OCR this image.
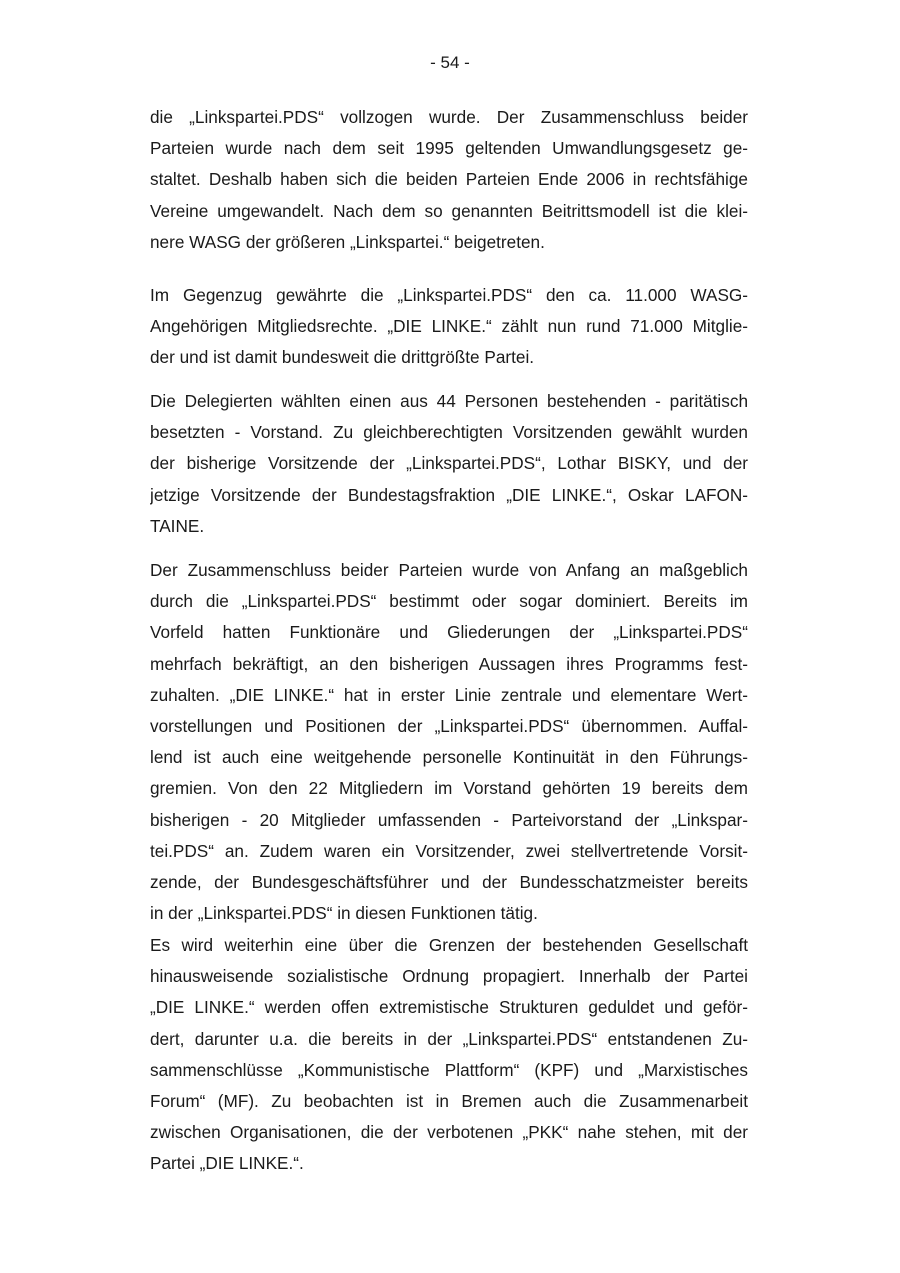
- 54 -
die „Linkspartei.PDS“ vollzogen wurde. Der Zusammenschluss beider
Parteien wurde nach dem seit 1995 geltenden Umwandlungsgesetz ge-
staltet. Deshalb haben sich die beiden Parteien Ende 2006 in rechtsfähige
Vereine umgewandelt. Nach dem so genannten Beitrittsmodell ist die klei-
nere WASG der größeren „Linkspartei.“ beigetreten.
Im Gegenzug gewährte die „Linkspartei.PDS“ den ca. 11.000 WASG-
Angehörigen Mitgliedsrechte. „DIE LINKE.“ zählt nun rund 71.000 Mitglie-
der und ist damit bundesweit die drittgrößte Partei.
Die Delegierten wählten einen aus 44 Personen bestehenden - paritätisch
besetzten - Vorstand. Zu gleichberechtigten Vorsitzenden gewählt wurden
der bisherige Vorsitzende der „Linkspartei.PDS“, Lothar BISKY, und der
jetzige Vorsitzende der Bundestagsfraktion „DIE LINKE.“, Oskar LAFON-
TAINE.
Der Zusammenschluss beider Parteien wurde von Anfang an maßgeblich
durch die „Linkspartei.PDS“ bestimmt oder sogar dominiert. Bereits im
Vorfeld hatten Funktionäre und Gliederungen der „Linkspartei.PDS“
mehrfach bekräftigt, an den bisherigen Aussagen ihres Programms fest-
zuhalten. „DIE LINKE.“ hat in erster Linie zentrale und elementare Wert-
vorstellungen und Positionen der „Linkspartei.PDS“ übernommen. Auffal-
lend ist auch eine weitgehende personelle Kontinuität in den Führungs-
gremien. Von den 22 Mitgliedern im Vorstand gehörten 19 bereits dem
bisherigen - 20 Mitglieder umfassenden - Parteivorstand der „Linkspar-
tei.PDS“ an. Zudem waren ein Vorsitzender, zwei stellvertretende Vorsit-
zende, der Bundesgeschäftsführer und der Bundesschatzmeister bereits
in der „Linkspartei.PDS“ in diesen Funktionen tätig.
Es wird weiterhin eine über die Grenzen der bestehenden Gesellschaft
hinausweisende sozialistische Ordnung propagiert. Innerhalb der Partei
„DIE LINKE.“ werden offen extremistische Strukturen geduldet und geför-
dert, darunter u.a. die bereits in der „Linkspartei.PDS“ entstandenen Zu-
sammenschlüsse „Kommunistische Plattform“ (KPF) und „Marxistisches
Forum“ (MF). Zu beobachten ist in Bremen auch die Zusammenarbeit
zwischen Organisationen, die der verbotenen „PKK“ nahe stehen, mit der
Partei „DIE LINKE.“.
